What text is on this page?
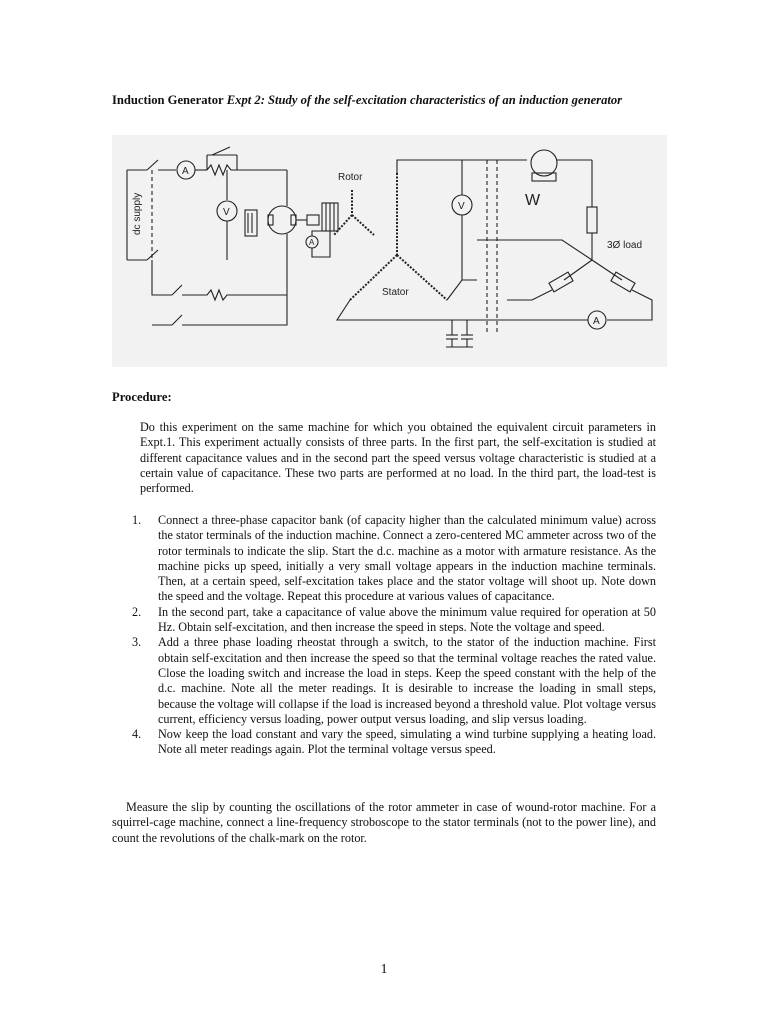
Induction Generator Expt 2: Study of the self-excitation characteristics of an induction generator
dc supply
A
V
A
Rotor
Stator
V	W
3Ø load
A
Procedure:
Do this experiment on the same machine for which you obtained the equivalent circuit parameters in Expt.1. This experiment actually consists of three parts. In the first part, the self-excitation is studied at different capacitance values and in the second part the speed versus voltage characteristic is studied at a certain value of capacitance. These two parts are performed at no load. In the third part, the load-test is performed.
1. Connect a three-phase capacitor bank (of capacity higher than the calculated minimum value) across the stator terminals of the induction machine. Connect a zero-centered MC ammeter across two of the rotor terminals to indicate the slip. Start the d.c. machine as a motor with armature resistance. As the machine picks up speed, initially a very small voltage appears in the induction machine terminals. Then, at a certain speed, self-excitation takes place and the stator voltage will shoot up. Note down the speed and the voltage. Repeat this procedure at various values of capacitance.
2. In the second part, take a capacitance of value above the minimum value required for operation at 50 Hz. Obtain self-excitation, and then increase the speed in steps. Note the voltage and speed.
3. Add a three phase loading rheostat through a switch, to the stator of the induction machine. First obtain self-excitation and then increase the speed so that the terminal voltage reaches the rated value. Close the loading switch and increase the load in steps. Keep the speed constant with the help of the d.c. machine. Note all the meter readings. It is desirable to increase the loading in small steps, because the voltage will collapse if the load is increased beyond a threshold value. Plot voltage versus current, efficiency versus loading, power output versus loading, and slip versus loading.
4. Now keep the load constant and vary the speed, simulating a wind turbine supplying a heating load. Note all meter readings again. Plot the terminal voltage versus speed.
Measure the slip by counting the oscillations of the rotor ammeter in case of wound-rotor machine. For a squirrel-cage machine, connect a line-frequency stroboscope to the stator terminals (not to the power line), and count the revolutions of the chalk-mark on the rotor.
1
